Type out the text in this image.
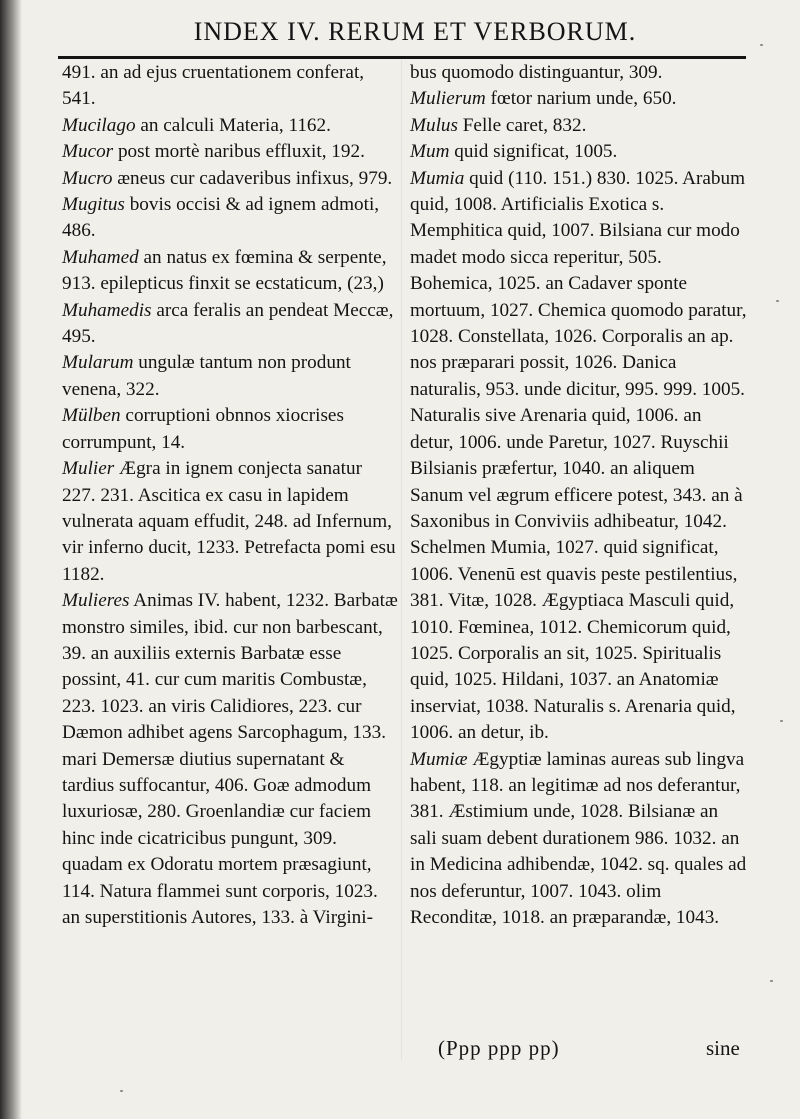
INDEX IV. RERUM ET VERBORUM.

491. an ad ejus cruentationem conferat, 541.

Mucilago an calculi Materia, 1162.

Mucor post mortè naribus effluxit, 192.

Mucro æneus cur cadaveribus infixus, 979.

Mugitus bovis occisi & ad ignem admoti, 486.

Muhamed an natus ex fœmina & serpente, 913. epilepticus finxit se ecstaticum, (23,)

Muhamedis arca feralis an pendeat Meccæ, 495.

Mularum ungulæ tantum non produnt venena, 322.

Mülben corruptioni obnnos xiocrises corrumpunt, 14.

Mulier Ægra in ignem conjecta sanatur 227. 231. Ascitica ex casu in lapidem vulnerata aquam effudit, 248. ad Infernum, vir inferno ducit, 1233. Petrefacta pomi esu 1182.

Mulieres Animas IV. habent, 1232. Barbatæ monstro similes, ibid. cur non barbescant, 39. an auxiliis externis Barbatæ esse possint, 41. cur cum maritis Combustæ, 223. 1023. an viris Calidiores, 223. cur Dæmon adhibet agens Sarcophagum, 133. mari Demersæ diutius supernatant & tardius suffocantur, 406. Goæ admodum luxuriosæ, 280. Groenlandiæ cur faciem hinc inde cicatricibus pungunt, 309. quadam ex Odoratu mortem præsagiunt, 114. Natura flammei sunt corporis, 1023. an superstitionis Autores, 133. à Virgini-

bus quomodo distinguantur, 309.

Mulierum fœtor narium unde, 650.

Mulus Felle caret, 832.

Mum quid significat, 1005.

Mumia quid (110. 151.) 830. 1025. Arabum quid, 1008. Artificialis Exotica s. Memphitica quid, 1007. Bilsiana cur modo madet modo sicca reperitur, 505. Bohemica, 1025. an Cadaver sponte mortuum, 1027. Chemica quomodo paratur, 1028. Constellata, 1026. Corporalis an ap. nos præparari possit, 1026. Danica naturalis, 953. unde dicitur, 995. 999. 1005. Naturalis sive Arenaria quid, 1006. an detur, 1006. unde Paretur, 1027. Ruyschii Bilsianis præfertur, 1040. an aliquem Sanum vel ægrum efficere potest, 343. an à Saxonibus in Conviviis adhibeatur, 1042. Schelmen Mumia, 1027. quid significat, 1006. Venenū est quavis peste pestilentius, 381. Vitæ, 1028. Ægyptiaca Masculi quid, 1010. Fœminea, 1012. Chemicorum quid, 1025. Corporalis an sit, 1025. Spiritualis quid, 1025. Hildani, 1037. an Anatomiæ inserviat, 1038. Naturalis s. Arenaria quid, 1006. an detur, ib.

Mumiæ Ægyptiæ laminas aureas sub lingva habent, 118. an legitimæ ad nos deferantur, 381. Æstimium unde, 1028. Bilsianæ an sali suam debent durationem 986. 1032. an in Medicina adhibendæ, 1042. sq. quales ad nos deferuntur, 1007. 1043. olim Reconditæ, 1018. an præparandæ, 1043.

(Ppp ppp pp)	sine
